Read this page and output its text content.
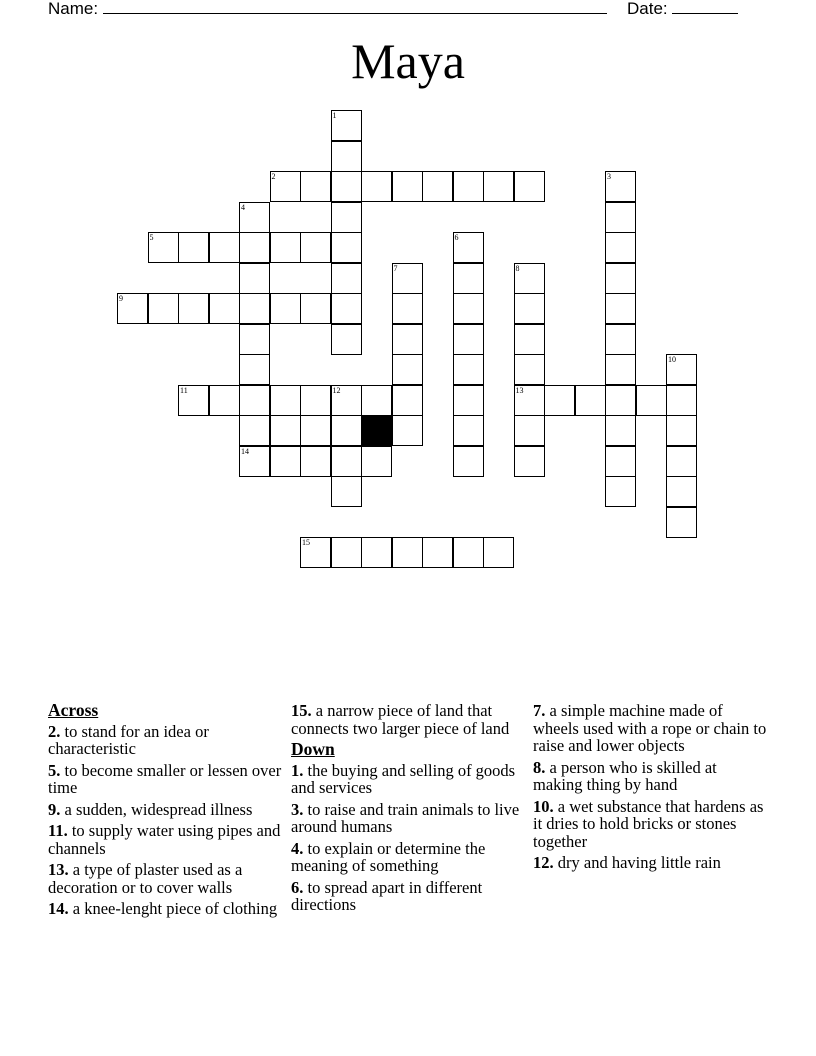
Name:	Date:
Maya
1
2	3
4
5	6
7	8
9
10
11	12	13
14
15
Across
2. to stand for an idea or characteristic
5. to become smaller or lessen over time
9. a sudden, widespread illness
11. to supply water using pipes and channels
13. a type of plaster used as a decoration or to cover walls
14. a knee-lenght piece of clothing
15. a narrow piece of land that connects two larger piece of land
Down
1. the buying and selling of goods and services
3. to raise and train animals to live around humans
4. to explain or determine the meaning of something
6. to spread apart in different directions
7. a simple machine made of wheels used with a rope or chain to raise and lower objects
8. a person who is skilled at making thing by hand
10. a wet substance that hardens as it dries to hold bricks or stones together
12. dry and having little rain
